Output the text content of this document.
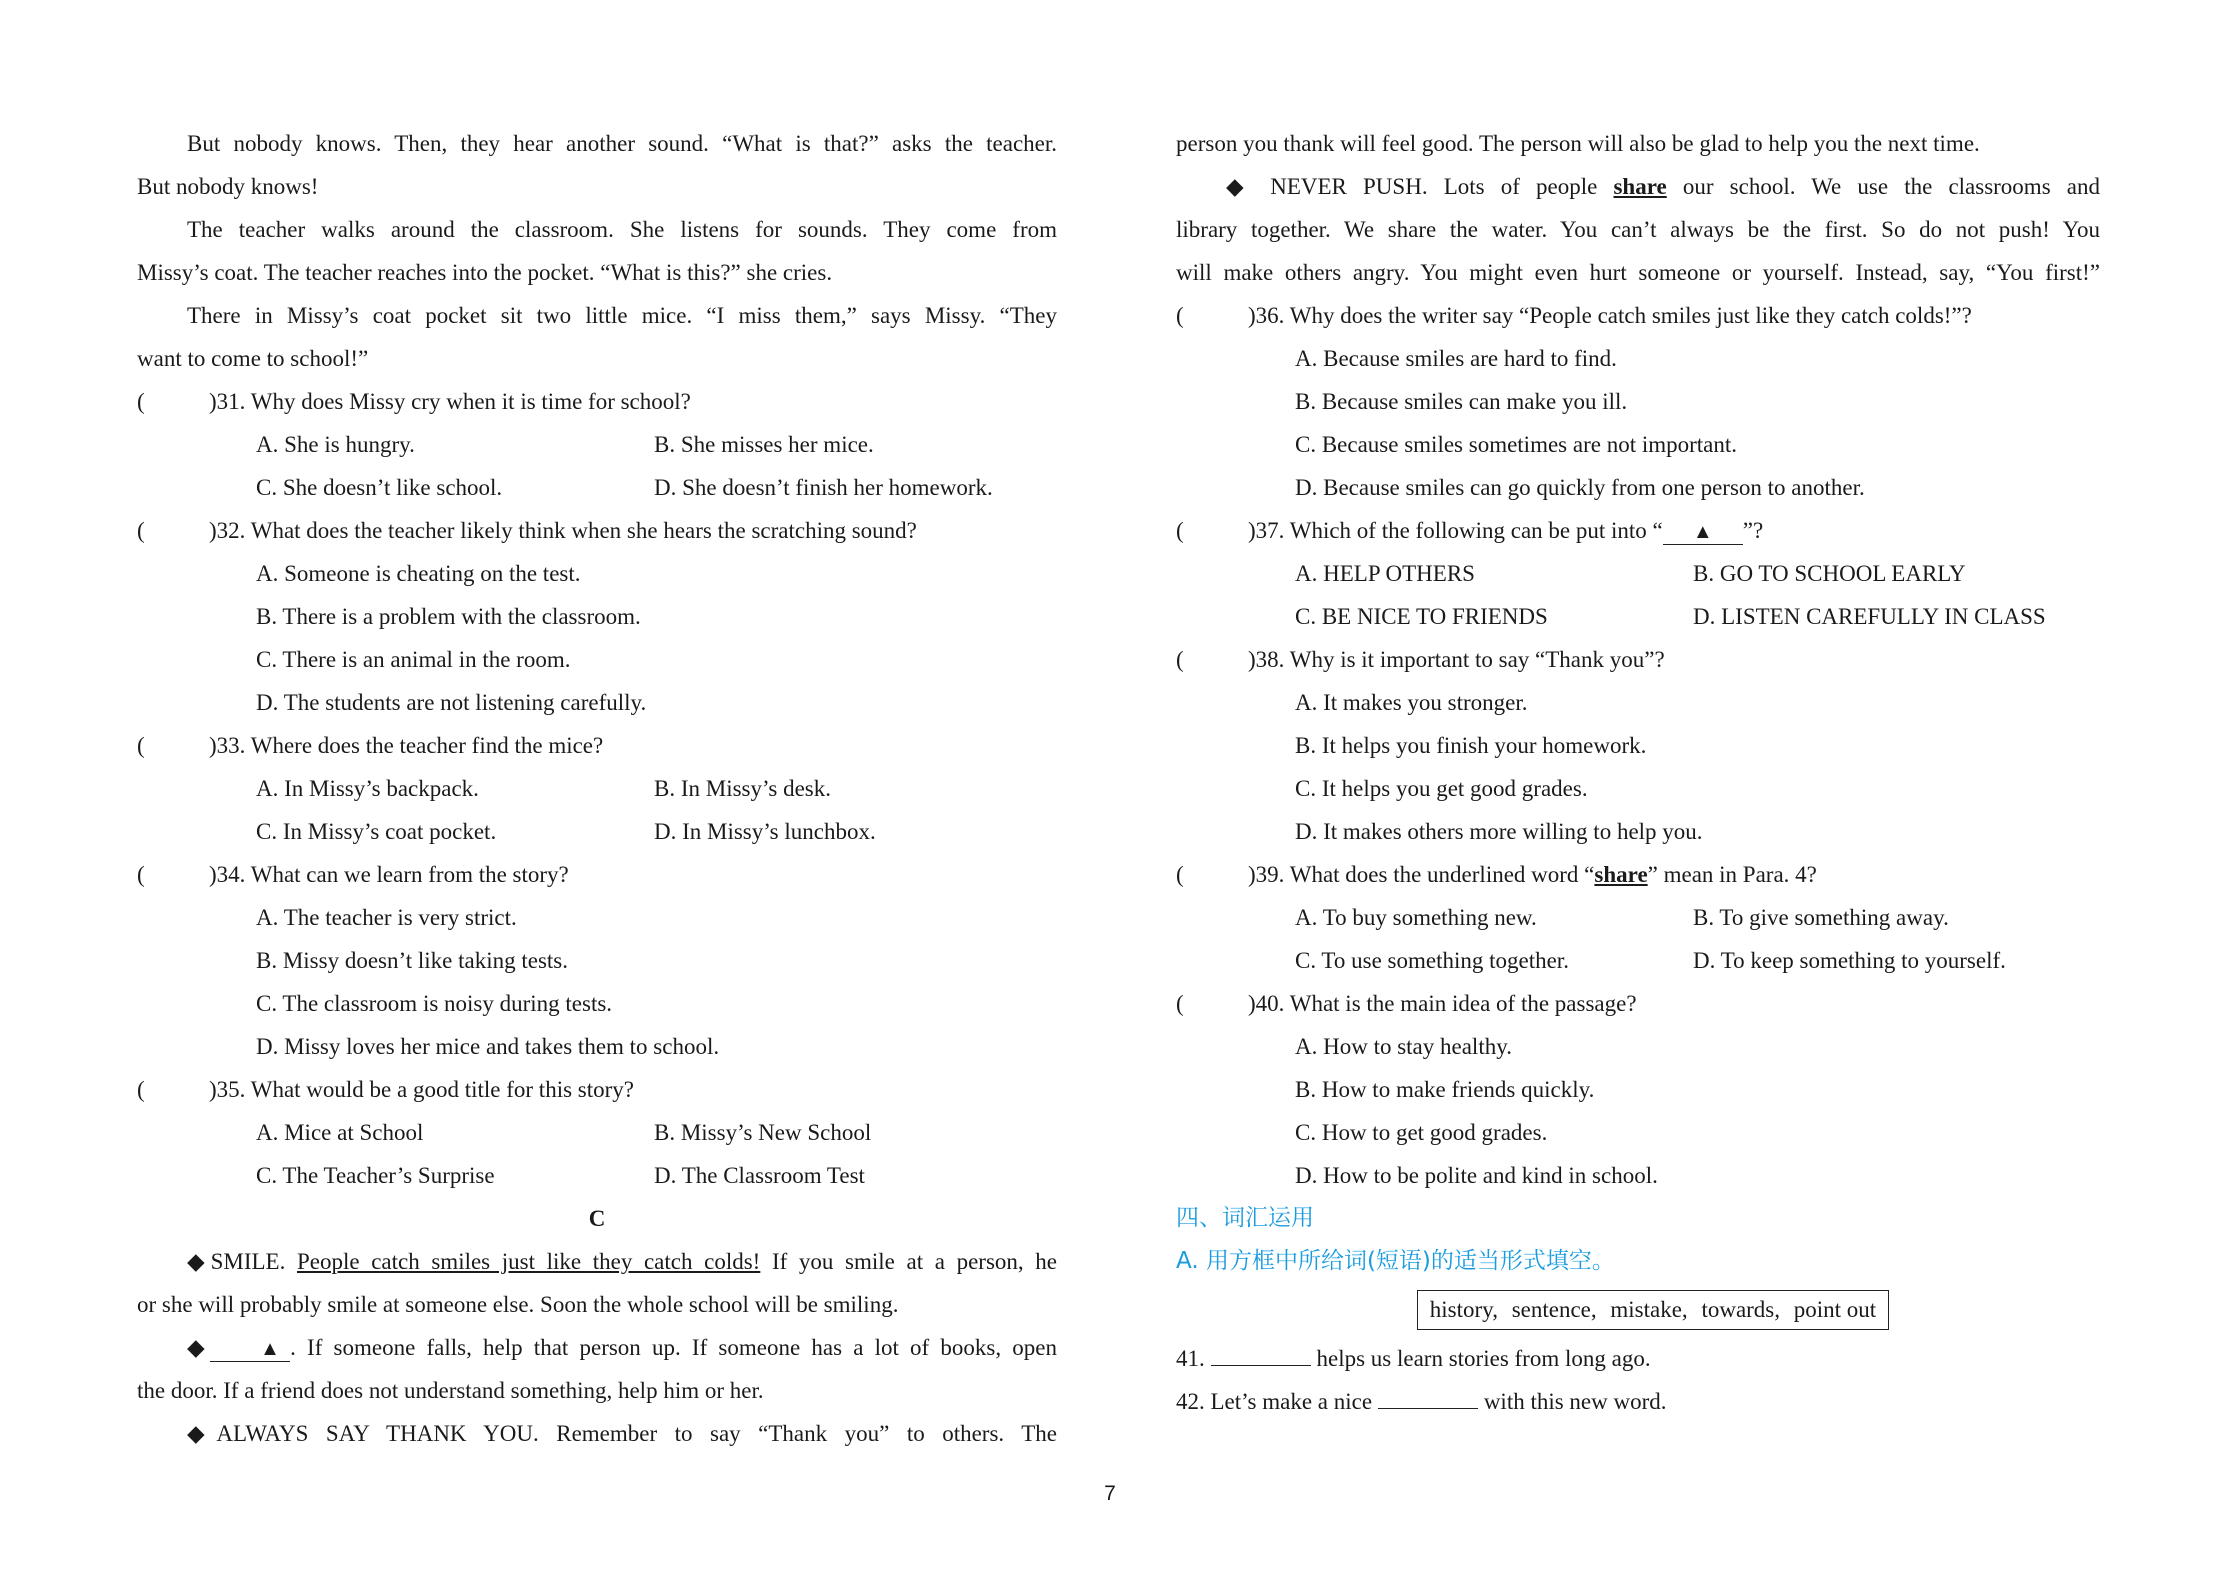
But nobody knows. Then, they hear another sound. “What is that?” asks the teacher.
But nobody knows!
The teacher walks around the classroom. She listens for sounds. They come from
Missy’s coat. The teacher reaches into the pocket. “What is this?” she cries.
There in Missy’s coat pocket sit two little mice. “I miss them,” says Missy. “They
want to come to school!”
(	)31. Why does Missy cry when it is time for school?
A. She is hungry.	B. She misses her mice.
C. She doesn’t like school.	D. She doesn’t finish her homework.
(	)32. What does the teacher likely think when she hears the scratching sound?
A. Someone is cheating on the test.
B. There is a problem with the classroom.
C. There is an animal in the room.
D. The students are not listening carefully.
(	)33. Where does the teacher find the mice?
A. In Missy’s backpack.	B. In Missy’s desk.
C. In Missy’s coat pocket.	D. In Missy’s lunchbox.
(	)34. What can we learn from the story?
A. The teacher is very strict.
B. Missy doesn’t like taking tests.
C. The classroom is noisy during tests.
D. Missy loves her mice and takes them to school.
(	)35. What would be a good title for this story?
A. Mice at School	B. Missy’s New School
C. The Teacher’s Surprise	D. The Classroom Test
C
◆SMILE. People catch smiles just like they catch colds! If you smile at a person, he
or she will probably smile at someone else. Soon the whole school will be smiling.
◆	▲ . If someone falls, help that person up. If someone has a lot of books, open
the door. If a friend does not understand something, help him or her.
◆ALWAYS SAY THANK YOU. Remember to say “Thank you” to others. The
person you thank will feel good. The person will also be glad to help you the next time.
◆ NEVER PUSH. Lots of people share our school. We use the classrooms and
library together. We share the water. You can’t always be the first. So do not push! You
will make others angry. You might even hurt someone or yourself. Instead, say, “You first!”
(	)36. Why does the writer say “People catch smiles just like they catch colds!”?
A. Because smiles are hard to find.
B. Because smiles can make you ill.
C. Because smiles sometimes are not important.
D. Because smiles can go quickly from one person to another.
(	)37. Which of the following can be put into “ ▲ ”?
A. HELP OTHERS	B. GO TO SCHOOL EARLY
C. BE NICE TO FRIENDS	D. LISTEN CAREFULLY IN CLASS
(	)38. Why is it important to say “Thank you”?
A. It makes you stronger.
B. It helps you finish your homework.
C. It helps you get good grades.
D. It makes others more willing to help you.
(	)39. What does the underlined word “share” mean in Para. 4?
A. To buy something new.	B. To give something away.
C. To use something together.	D. To keep something to yourself.
(	)40. What is the main idea of the passage?
A. How to stay healthy.
B. How to make friends quickly.
C. How to get good grades.
D. How to be polite and kind in school.
四、词汇运用
A. 用方框中所给词(短语)的适当形式填空。
history, sentence, mistake, towards, point out
41.	helps us learn stories from long ago.
42. Let’s make a nice	with this new word.
7
